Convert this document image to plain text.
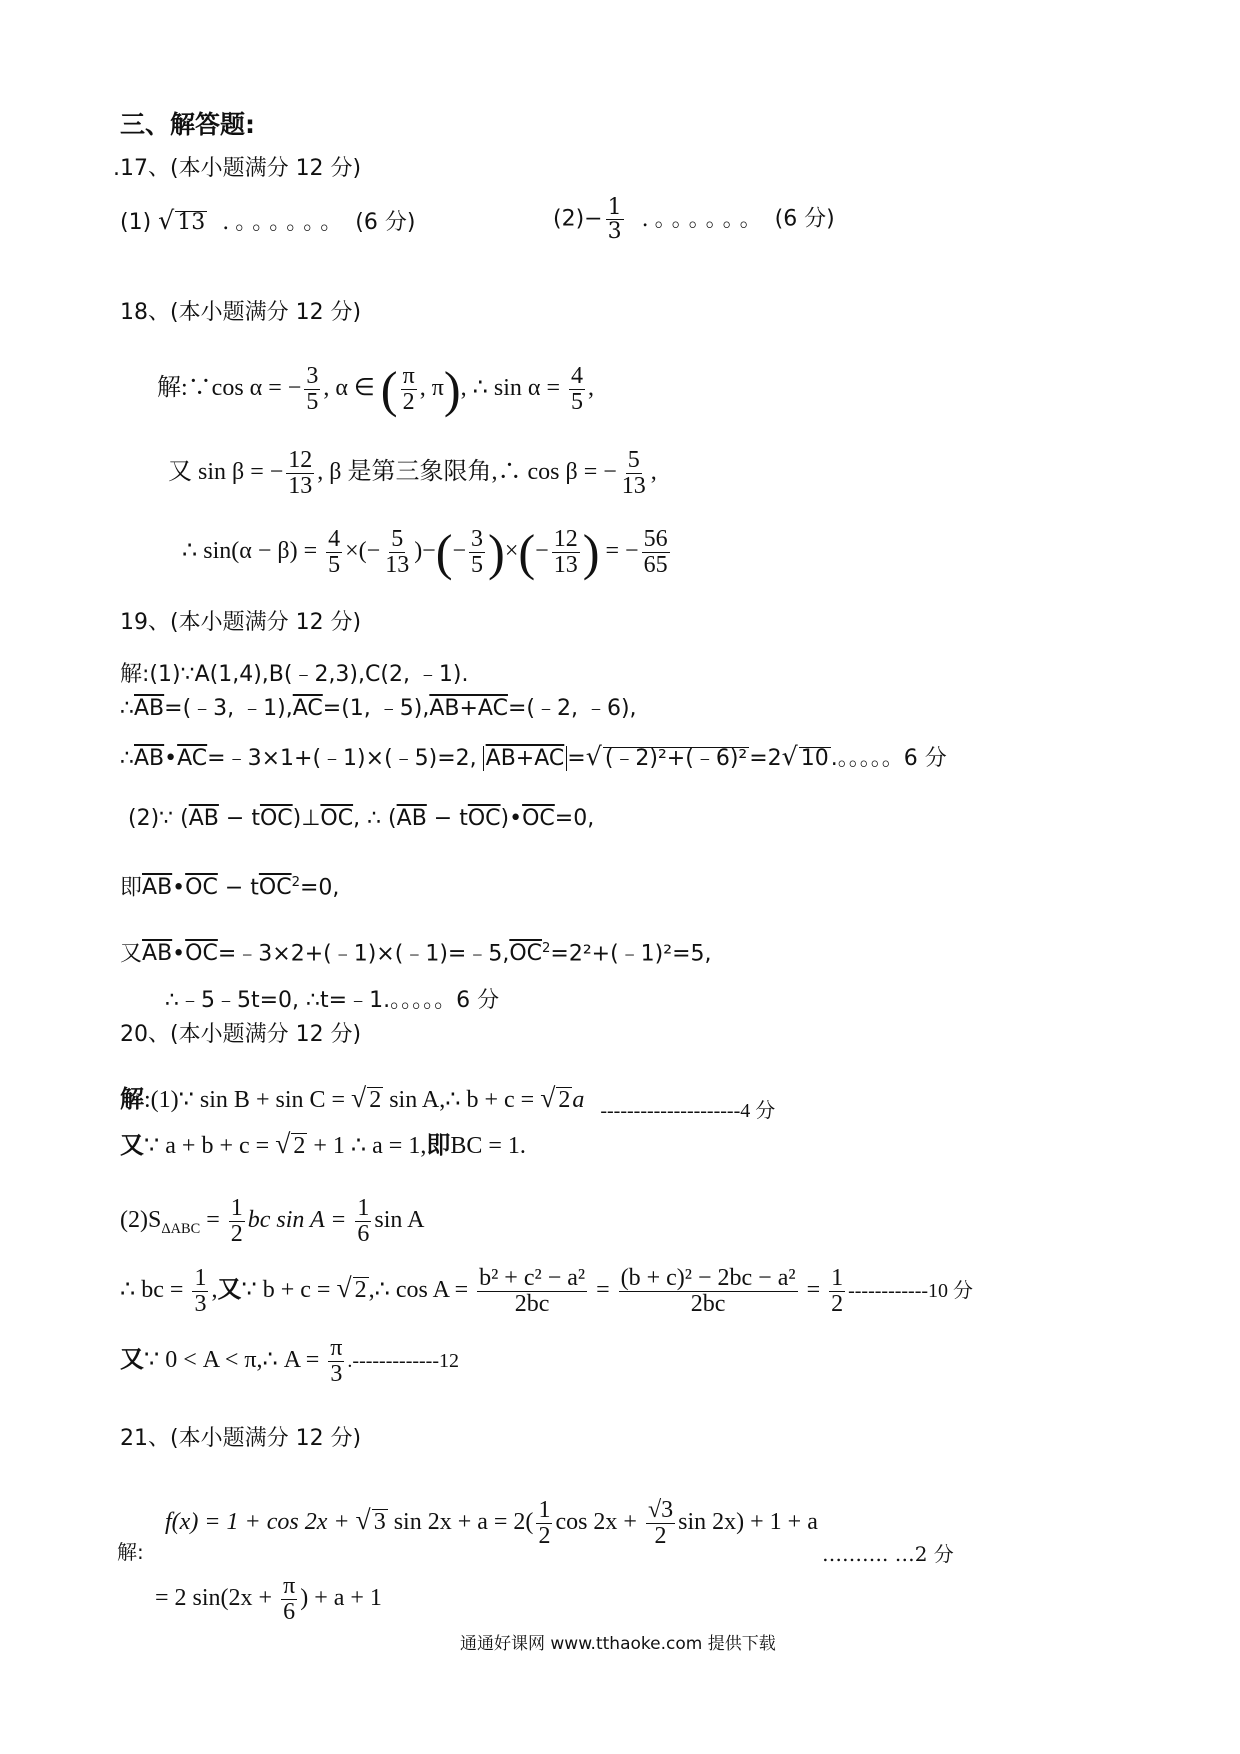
三、解答题:
.17、(本小题满分 12 分)
(1) √ 13 .。。。。。。 (6 分)	$(2)- \frac{1}{3}$ .。。。。。。 (6 分)
18、(本小题满分 12 分)
解:∵cos α = − $\frac{3}{5}$ , α ∈ ( $\frac{\pi}{2}$ , π), ∴ $\sin \alpha = \frac{4}{5}$ ,
又 sin β = − $\frac{12}{13}$ , β 是第三象限角,∴ cos β = − $\frac{5}{13}$ ,
∴ $\sin(\alpha - \beta) = \frac{4}{5}$ ×(− $\frac{5}{13}$ )−(− $\frac{3}{5}$ )×(− $\frac{12}{13}$ ) = − $\frac{56}{65}$
19、(本小题满分 12 分)
解:(1)∵A(1,4),B(﹣2,3),C(2, ﹣1).
$\therefore\overline{AB}=(﹣3$, $﹣1),\overline{AC}=(1$, ﹣5),AB+AC=(﹣2, ﹣6),
$\therefore\overline{AB}•\overline{AC}=﹣3\times 1+(﹣1)\times(﹣5)=2$, AB+AC =√ (﹣2)²+(﹣6)²=2√ 10.。。。。。6 分
(2)∵ ($\overline{AB}$ − $t\overline{OC})\perp\overline{OC}$, ∴ ($\overline{AB}$ − $t\overline{OC})•\overline{OC}=0$,
即$\overline{AB}•\overline{OC} - t\overline{OC}^2=0$,
又$\overline{AB}•\overline{OC}=﹣3\times 2+(﹣1)\times(﹣1)=﹣5,\overline{OC}^2=2^2+(﹣1)^2=5$,
∴﹣5﹣5t=0, ∴t=﹣1.。。。。。6 分
20、(本小题满分 12 分)
解:(1)∵ sin B + sin C = √ 2 sin A,∴ b + c = √ 2a $_{---------------------4 分}$
又∵ a + b + c = √ 2 + 1 ∴ a = 1,即BC = 1.
$(2)S_{\Delta ABC} = \frac{1}{2}$ bc $\sin A = \frac{1}{6}$ sin A
∴ bc = $\frac{1}{3}$ ,又∵ b + c = √ 2,∴ $\cos A = \frac{\text{b² + c² − a²}}{2bc} = \frac{\text{(b + c)² − 2bc − a²}}{2bc} = \frac{1}{2} ------------10$ 分
又∵ 0 < A < π,∴ $A = \frac{\pi}{3} .-------------12$
21、(本小题满分 12 分)
解:
f(x) = 1 + cos 2x + √ 3 $\sin 2x + a = 2( \frac{1}{2}$ $\cos 2x + \frac{√3}{2}$ sin 2x) + 1 + a
………. …2 分
= 2 $\sin(2x + \frac{\pi}{6}$ ) + a + 1
通通好课网 www.tthaoke.com 提供下载
